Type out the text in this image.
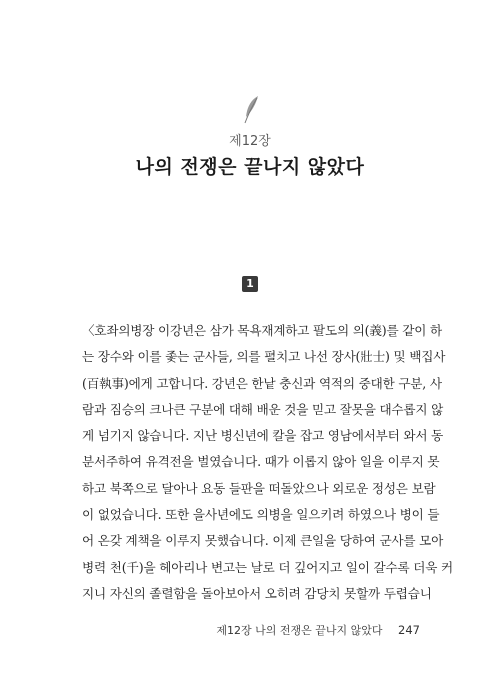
제12장
나의 전쟁은 끝나지 않았다
1
〈호좌의병장 이강년은 삼가 목욕재계하고 팔도의 의(義)를 같이 하
는 장수와 이를 좇는 군사들, 의를 펼치고 나선 장사(壯士) 및 백집사
(百執事)에게 고합니다. 강년은 한낱 충신과 역적의 중대한 구분, 사
람과 짐승의 크나큰 구분에 대해 배운 것을 믿고 잘못을 대수롭지 않
게 넘기지 않습니다. 지난 병신년에 칼을 잡고 영남에서부터 와서 동
분서주하여 유격전을 벌였습니다. 때가 이롭지 않아 일을 이루지 못
하고 북쪽으로 달아나 요동 들판을 떠돌았으나 외로운 정성은 보람
이 없었습니다. 또한 을사년에도 의병을 일으키려 하였으나 병이 들
어 온갖 계책을 이루지 못했습니다. 이제 큰일을 당하여 군사를 모아
병력 천(千)을 헤아리나 변고는 날로 더 깊어지고 일이 갈수록 더욱 커
지니 자신의 졸렬함을 돌아보아서 오히려 감당치 못할까 두렵습니
제12장 나의 전쟁은 끝나지 않았다 247
